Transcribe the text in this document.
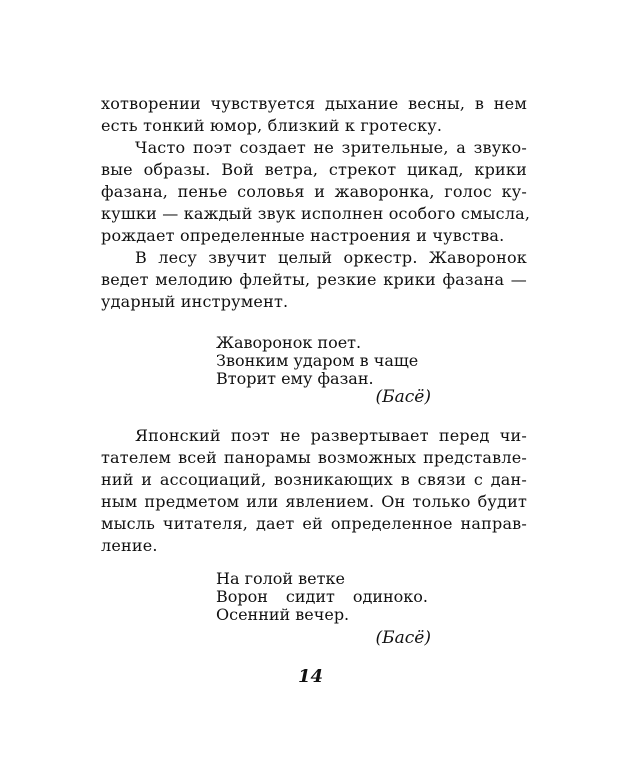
хотворении чувствуется дыхание весны, в нем
есть тонкий юмор, близкий к гротеску.
Часто поэт создает не зрительные, а звуко-
вые образы. Вой ветра, стрекот цикад, крики
фазана, пенье соловья и жаворонка, голос ку-
кушки — каждый звук исполнен особого смысла,
рождает определенные настроения и чувства.
В лесу звучит целый оркестр. Жаворонок
ведет мелодию флейты, резкие крики фазана —
ударный инструмент.
Жаворонок поет.
Звонким ударом в чаще
Вторит ему фазан.
(Басё)
Японский поэт не развертывает перед чи-
тателем всей панорамы возможных представле-
ний и ассоциаций, возникающих в связи с дан-
ным предметом или явлением. Он только будит
мысль читателя, дает ей определенное направ-
ление.
На голой ветке
Ворон сидит одиноко.
Осенний вечер.
(Басё)
14
